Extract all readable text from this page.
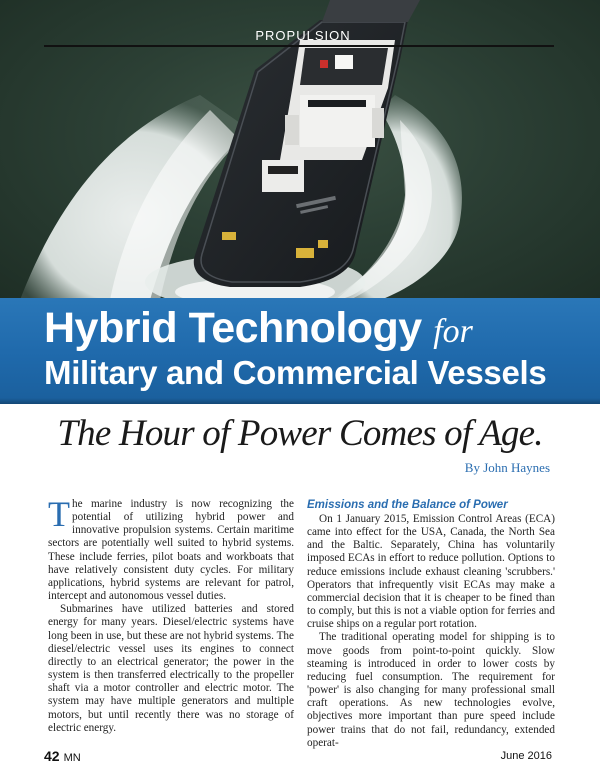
PROPULSION
Hybrid Technology for
Military and Commercial Vessels
The Hour of Power Comes of Age.
By John Haynes

The marine industry is now recognizing the potential of utilizing hybrid power and innovative propulsion systems. Certain maritime sectors are potentially well suited to hybrid systems. These include ferries, pilot boats and workboats that have relatively consistent duty cycles. For military applications, hybrid systems are relevant for patrol, intercept and autonomous vessel duties.

Submarines have utilized batteries and stored energy for many years. Diesel/electric systems have long been in use, but these are not hybrid systems. The diesel/electric vessel uses its engines to connect directly to an electrical generator; the power in the system is then transferred electrically to the propeller shaft via a motor controller and electric motor. The system may have multiple generators and multiple motors, but until recently there was no storage of electric energy.

Emissions and the Balance of Power

On 1 January 2015, Emission Control Areas (ECA) came into effect for the USA, Canada, the North Sea and the Baltic. Separately, China has voluntarily imposed ECAs in effort to reduce pollution. Options to reduce emissions include exhaust cleaning 'scrubbers.' Operators that infrequently visit ECAs may make a commercial decision that it is cheaper to be fined than to comply, but this is not a viable option for ferries and cruise ships on a regular port rotation.

The traditional operating model for shipping is to move goods from point-to-point quickly. Slow steaming is introduced in order to lower costs by reducing fuel consumption. The requirement for 'power' is also changing for many professional small craft operations. As new technologies evolve, objectives more important than pure speed include power trains that do not fail, redundancy, extended operat-

42 MN	June 2016
